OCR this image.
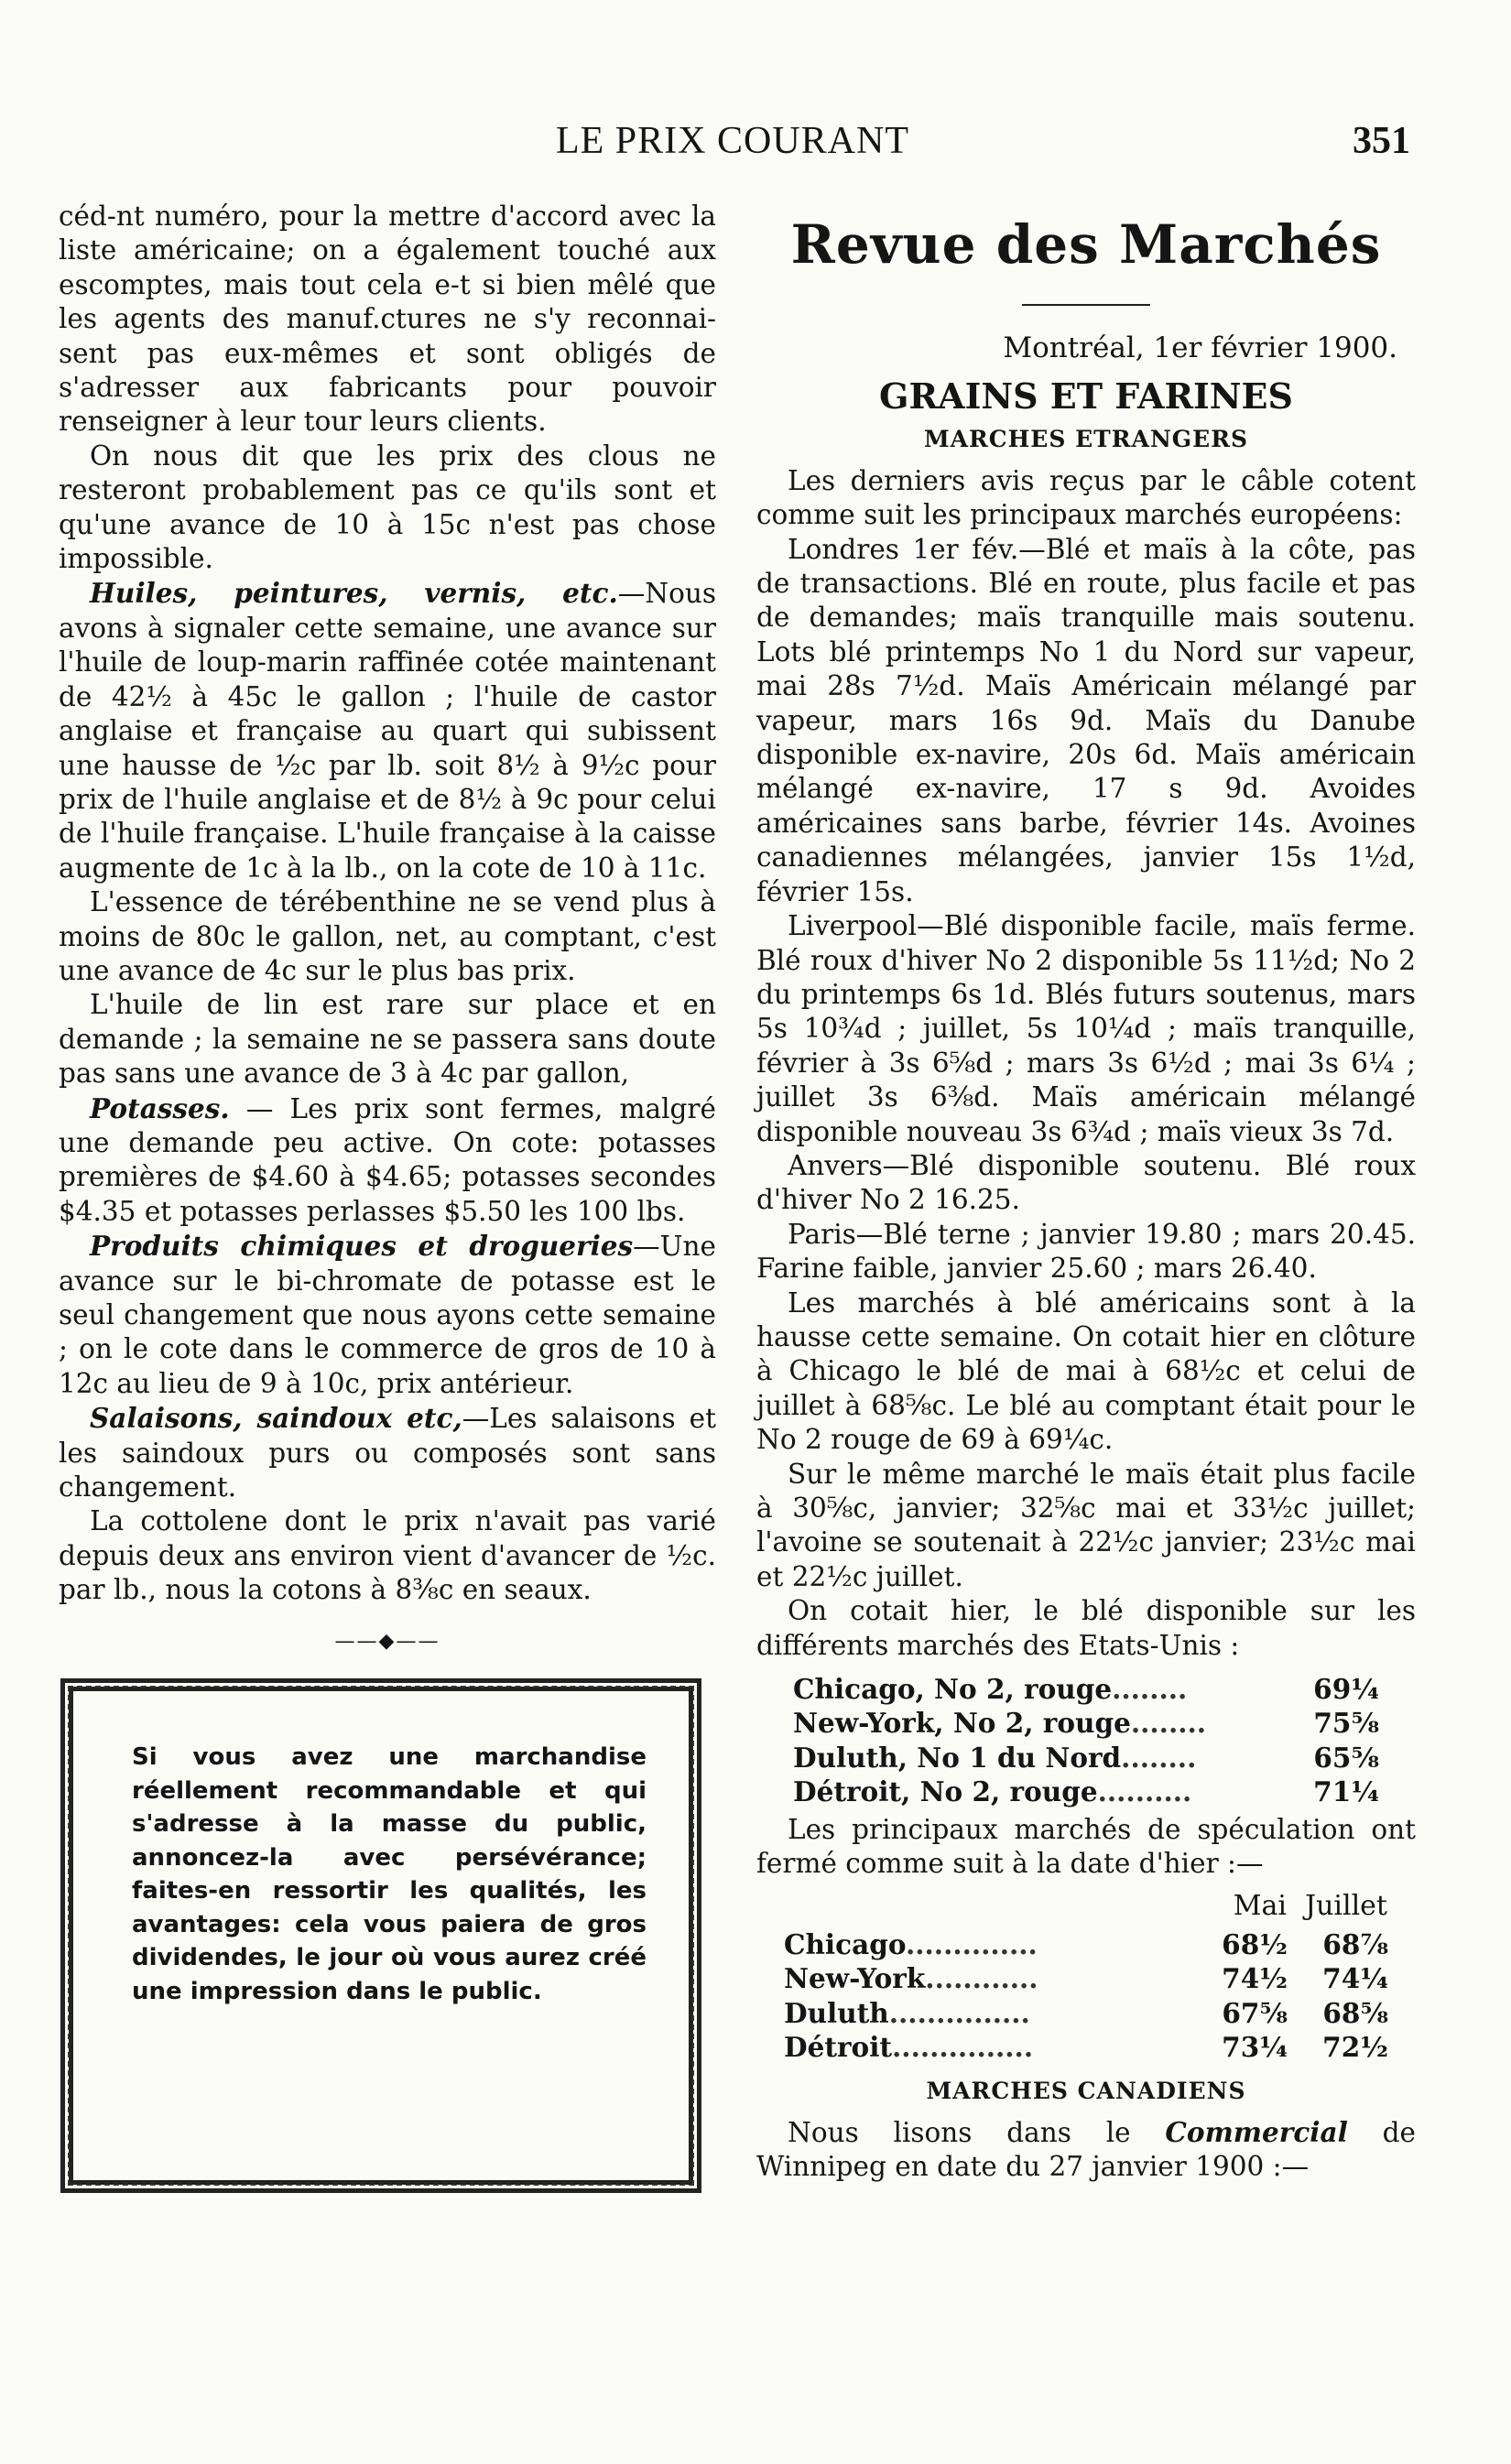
LE PRIX COURANT	351

céd-nt numéro, pour la mettre d'accord avec la liste américaine; on a également touché aux escomptes, mais tout cela e-t si bien mêlé que les agents des manuf.ctures ne s'y reconnai-sent pas eux-mêmes et sont obligés de s'adresser aux fabricants pour pouvoir renseigner à leur tour leurs clients.

On nous dit que les prix des clous ne resteront probablement pas ce qu'ils sont et qu'une avance de 10 à 15c n'est pas chose impossible.

Huiles, peintures, vernis, etc.—Nous avons à signaler cette semaine, une avance sur l'huile de loup-marin raffinée cotée maintenant de 42½ à 45c le gallon ; l'huile de castor anglaise et française au quart qui subissent une hausse de ½c par lb. soit 8½ à 9½c pour prix de l'huile anglaise et de 8½ à 9c pour celui de l'huile française. L'huile française à la caisse augmente de 1c à la lb., on la cote de 10 à 11c.

L'essence de térébenthine ne se vend plus à moins de 80c le gallon, net, au comptant, c'est une avance de 4c sur le plus bas prix.

L'huile de lin est rare sur place et en demande ; la semaine ne se passera sans doute pas sans une avance de 3 à 4c par gallon,

Potasses. — Les prix sont fermes, malgré une demande peu active. On cote: potasses premières de $4.60 à $4.65; potasses secondes $4.35 et potasses perlasses $5.50 les 100 lbs.

Produits chimiques et drogueries—Une avance sur le bi-chromate de potasse est le seul changement que nous ayons cette semaine ; on le cote dans le commerce de gros de 10 à 12c au lieu de 9 à 10c, prix antérieur.

Salaisons, saindoux etc,—Les salaisons et les saindoux purs ou composés sont sans changement.

La cottolene dont le prix n'avait pas varié depuis deux ans environ vient d'avancer de ½c. par lb., nous la cotons à 8⅜c en seaux.

——◆——
Si vous avez une marchandise réellement recommandable et qui s'adresse à la masse du public, annoncez-la avec persévérance; faites-en ressortir les qualités, les avantages: cela vous paiera de gros dividendes, le jour où vous aurez créé une impression dans le public.
Revue des Marchés
Montréal, 1er février 1900.
GRAINS ET FARINES
MARCHES ETRANGERS

Les derniers avis reçus par le câble cotent comme suit les principaux marchés européens:

Londres 1er fév.—Blé et maïs à la côte, pas de transactions. Blé en route, plus facile et pas de demandes; maïs tranquille mais soutenu. Lots blé printemps No 1 du Nord sur vapeur, mai 28s 7½d. Maïs Américain mélangé par vapeur, mars 16s 9d. Maïs du Danube disponible ex-navire, 20s 6d. Maïs américain mélangé ex-navire, 17 s 9d. Avoides américaines sans barbe, février 14s. Avoines canadiennes mélangées, janvier 15s 1½d, février 15s.

Liverpool—Blé disponible facile, maïs ferme. Blé roux d'hiver No 2 disponible 5s 11½d; No 2 du printemps 6s 1d. Blés futurs soutenus, mars 5s 10¾d ; juillet, 5s 10¼d ; maïs tranquille, février à 3s 6⅝d ; mars 3s 6½d ; mai 3s 6¼ ; juillet 3s 6⅜d. Maïs américain mélangé disponible nouveau 3s 6¾d ; maïs vieux 3s 7d.

Anvers—Blé disponible soutenu. Blé roux d'hiver No 2 16.25.

Paris—Blé terne ; janvier 19.80 ; mars 20.45. Farine faible, janvier 25.60 ; mars 26.40.

Les marchés à blé américains sont à la hausse cette semaine. On cotait hier en clôture à Chicago le blé de mai à 68½c et celui de juillet à 68⅝c. Le blé au comptant était pour le No 2 rouge de 69 à 69¼c.

Sur le même marché le maïs était plus facile à 30⅝c, janvier; 32⅝c mai et 33½c juillet; l'avoine se soutenait à 22½c janvier; 23½c mai et 22½c juillet.

On cotait hier, le blé disponible sur les différents marchés des Etats-Unis :

Chicago, No 2, rouge........	69¼
New-York, No 2, rouge........	75⅝
Duluth, No 1 du Nord........	65⅝
Détroit, No 2, rouge..........	71¼

Les principaux marchés de spéculation ont fermé comme suit à la date d'hier :—

	Mai	Juillet
Chicago..............	68½	68⅞
New-York............	74½	74¼
Duluth...............	67⅝	68⅝
Détroit...............	73¼	72½
MARCHES CANADIENS

Nous lisons dans le Commercial de Winnipeg en date du 27 janvier 1900 :—
